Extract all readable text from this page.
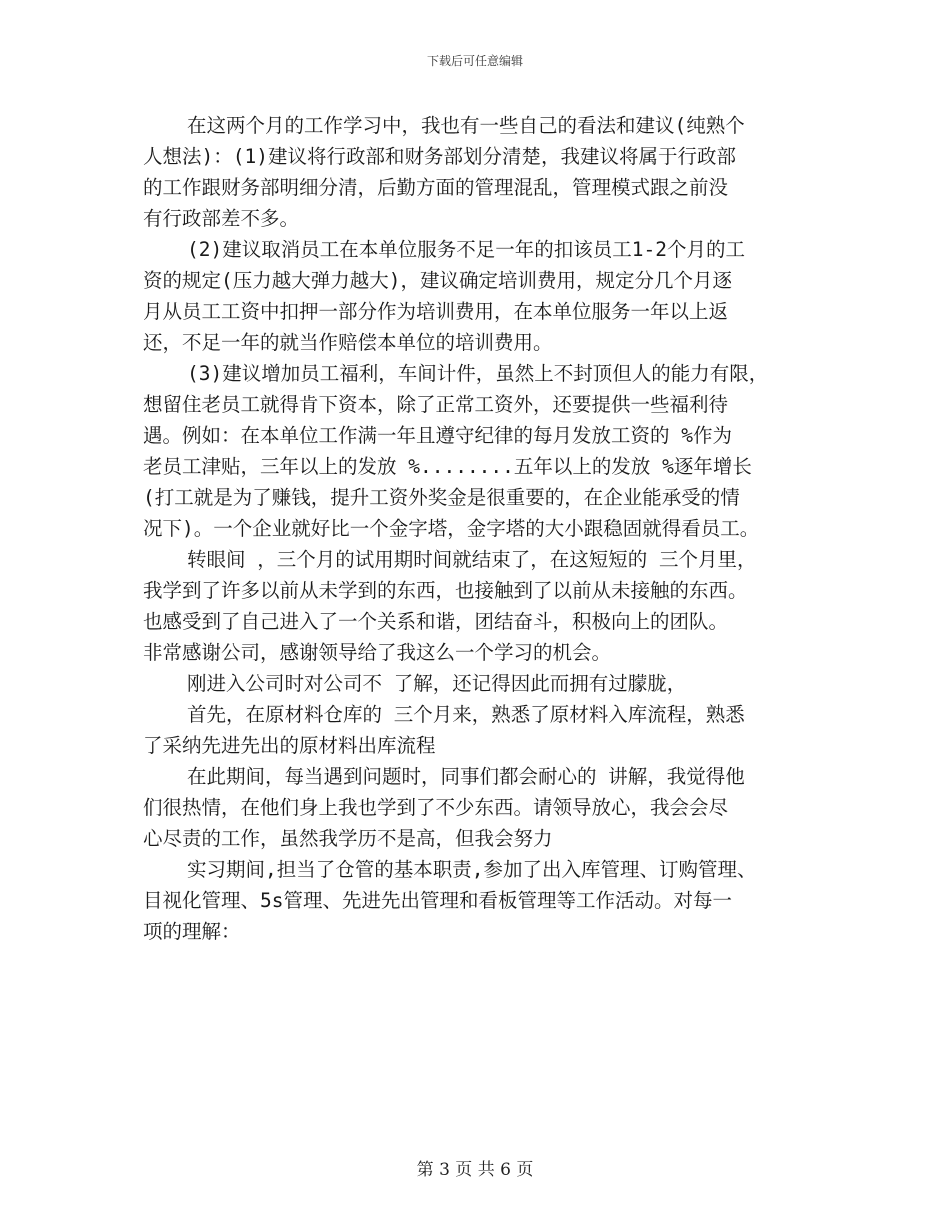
下载后可任意编辑
在这两个月的工作学习中，我也有一些自己的看法和建议(纯熟个
人想法)：(1)建议将行政部和财务部划分清楚，我建议将属于行政部
的工作跟财务部明细分清，后勤方面的管理混乱，管理模式跟之前没
有行政部差不多。
(2)建议取消员工在本单位服务不足一年的扣该员工1-2个月的工
资的规定(压力越大弹力越大)，建议确定培训费用，规定分几个月逐
月从员工工资中扣押一部分作为培训费用，在本单位服务一年以上返
还，不足一年的就当作赔偿本单位的培训费用。
(3)建议增加员工福利，车间计件，虽然上不封顶但人的能力有限，
想留住老员工就得肯下资本，除了正常工资外，还要提供一些福利待
遇。例如：在本单位工作满一年且遵守纪律的每月发放工资的 %作为
老员工津贴，三年以上的发放 %........五年以上的发放 %逐年增长
(打工就是为了赚钱，提升工资外奖金是很重要的，在企业能承受的情
况下)。一个企业就好比一个金字塔，金字塔的大小跟稳固就得看员工。
转眼间 ，三个月的试用期时间就结束了，在这短短的 三个月里，
我学到了许多以前从未学到的东西，也接触到了以前从未接触的东西。
也感受到了自己进入了一个关系和谐，团结奋斗，积极向上的团队。
非常感谢公司，感谢领导给了我这么一个学习的机会。
刚进入公司时对公司不 了解，还记得因此而拥有过朦胧，
首先，在原材料仓库的 三个月来，熟悉了原材料入库流程，熟悉
了采纳先进先出的原材料出库流程
在此期间，每当遇到问题时，同事们都会耐心的 讲解，我觉得他
们很热情，在他们身上我也学到了不少东西。请领导放心，我会会尽
心尽责的工作，虽然我学历不是高，但我会努力
实习期间,担当了仓管的基本职责,参加了出入库管理、订购管理、
目视化管理、5s管理、先进先出管理和看板管理等工作活动。对每一
项的理解：
第 3 页 共 6 页
